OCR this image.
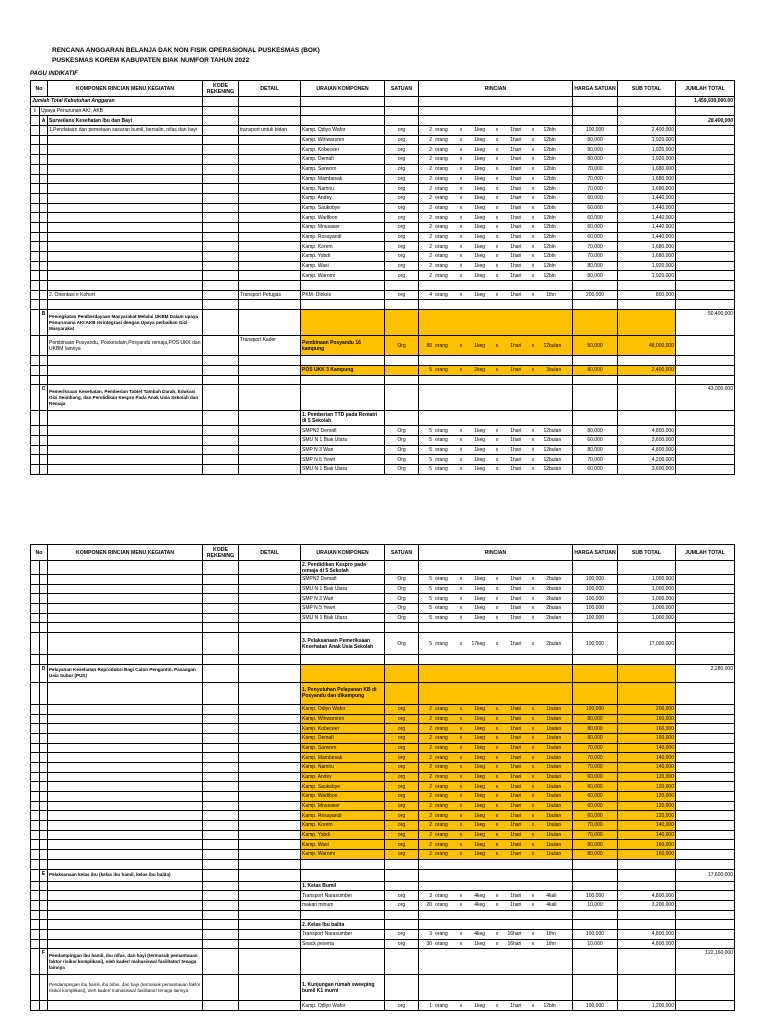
RENCANA ANGGARAN BELANJA DAK NON FISIK OPERASIONAL PUSKESMAS (BOK)
PUSKESMAS KOREM KABUPATEN BIAK NUMFOR TAHUN 2022
PAGU INDIKATIF
No		KOMPONEN RINCIAN MENU KEGIATAN	KODE REKENING	DETAIL	URAIAN KOMPONEN	SATUAN	RINCIAN	HARGA SATUAN	SUB TOTAL	JUMLAH TOTAL
Jumlah Total Kebutuhan Anggaran										1,459,930,000.00
I	Upaya Penurunan AKI, AKB									
	A	Surveilans Kesehatan Ibu dan Bayi								28,400,000
		1.Pendataan dan pemetaan sasaran bumil, bersalin, nifas dan bayi		transport untuk bidan	Kamp. Odiyo Wafor	org	2 orang x 1keg x 1hari x 12bln	100,000	2,400,000	
					Kamp. Wiriwarsren	org	2 orang x 1keg x 1hari x 12bln	80,000	1,920,000	
					Kamp. Kobeceer	org	2 orang x 1keg x 1hari x 12bln	80,000	1,920,000	
					Kamp. Demafi	org	2 orang x 1keg x 1hari x 12bln	80,000	1,920,000	
					Kamp. Sarworn	org	2 orang x 1keg x 1hari x 12bln	70,000	1,680,000	
					Kamp. Mambesak	org	2 orang x 1keg x 1hari x 12bln	70,000	1,680,000	
					Kamp. Namnu	org	2 orang x 1keg x 1hari x 12bln	70,000	1,680,000	
					Kamp. Andey	org	2 orang x 1keg x 1hari x 12bln	60,000	1,440,000	
					Kamp. Saukobye	org	2 orang x 1keg x 1hari x 12bln	60,000	1,440,000	
					Kamp. Wadibon	org	2 orang x 1keg x 1hari x 12bln	60,000	1,440,000	
					Kamp. Mnusaser	org	2 orang x 1keg x 1hari x 12bln	60,000	1,440,000	
					Kamp. Rosayandi	org	2 orang x 1keg x 1hari x 12bln	60,000	1,440,000	
					Kamp. Korem	org	2 orang x 1keg x 1hari x 12bln	70,000	1,680,000	
					Kamp. Yobdi	org	2 orang x 1keg x 1hari x 12bln	70,000	1,680,000	
					Kamp. Wasi	org	2 orang x 1keg x 1hari x 12bln	80,000	1,920,000	
					Kamp. Waromi	org	2 orang x 1keg x 1hari x 12bln	80,000	1,920,000	

		2. Orientasi e Kohort		Transport Petugas	PKM- Dinkes	org	4 orang x 1keg x 1hari x 1thn	200,000	800,000	

	B	Peningkatan Pemberdayaan Masyarakat Melalui UKBM Dalam upaya Penurunana AKI AKB terintegrasi dengan Upaya perbaikan Gizi Masyarakat								50,400,000
		Pembinaan Posyandu, Poskesdam,Posyandu remaja,POS UKK dan UKBM lainnya		Transport Kader	Pembinaan Posyandu 16 kampung	Org	80 orang x 1keg x 1hari x 12bulan	50,000	48,000,000	

					POS UKK 3 Kampung		5 orang x 2keg x 1hari x 3bulan	80,000	2,400,000	

	C	Pemeriksaan Kesehatan, Pemberian Tablet Tambah Darah, Edukasi Gizi Seimbang, dan Pendidikan Kespro Pada Anak Usia Sekolah dan Remaja								43,000,000
					1. Pemberian TTD pada Rematri di 5 Sekolah					
					SMPN2 Demafi	Org	5 orang x 1keg x 1hari x 12bulan	80,000	4,800,000	
					SMU N 1 Biak Utara	Org	5 orang x 1keg x 1hari x 12bulan	60,000	3,600,000	
					SMP N 3 Wari	Org	5 orang x 1keg x 1hari x 12bulan	80,000	4,800,000	
					SMP N 5 Yewri	Org	5 orang x 1keg x 1hari x 12bulan	70,000	4,200,000	
					SMU N 1 Biak Utara	Org	5 orang x 1keg x 1hari x 12bulan	60,000	3,600,000	
No		KOMPONEN RINCIAN MENU KEGIATAN	KODE REKENING	DETAIL	URAIAN KOMPONEN	SATUAN	RINCIAN	HARGA SATUAN	SUB TOTAL	JUMLAH TOTAL
					2. Pendidikan Kespro pada remaja di 5 Sekolah					
					SMPN2 Demafi	Org	5 orang x 1keg x 1hari x 2bulan	100,000	1,000,000	
					SMU N 1 Biak Utara	Org	5 orang x 1keg x 1hari x 2bulan	100,000	1,000,000	
					SMP N 3 Wari	Org	5 orang x 1keg x 1hari x 2bulan	100,000	1,000,000	
					SMP N 5 Yewri	Org	5 orang x 1keg x 1hari x 2bulan	100,000	1,000,000	
					SMU N 1 Biak Utara	Org	5 orang x 1keg x 1hari x 2bulan	100,000	1,000,000	

					3. Pelaksanaan Pemeriksaan Kesehatan Anak Usia Sekolah	Org	5 orang x 17keg x 1hari x 2bulan	100,000	17,000,000	

	D	Pelayanan Kesehatan Reproduksi Bagi Calon Pengantin, Pasangan Usia Subur (PUS)								2,280,000
					1. Penyuluhan Pelayanan KB di Posyandu dan dikampung					
					Kamp. Odiyo Wafor	org	2 orang x 1keg x 1hari x 1bulan	100,000	200,000	
					Kamp. Wiriwarsren	org	2 orang x 1keg x 1hari x 1bulan	80,000	160,000	
					Kamp. Kobeceer	org	2 orang x 1keg x 1hari x 1bulan	80,000	160,000	
					Kamp. Demafi	org	2 orang x 1keg x 1hari x 1bulan	80,000	160,000	
					Kamp. Sarworn	org	2 orang x 1keg x 1hari x 1bulan	70,000	140,000	
					Kamp. Mambesak	org	2 orang x 1keg x 1hari x 1bulan	70,000	140,000	
					Kamp. Namnu	org	2 orang x 1keg x 1hari x 1bulan	70,000	140,000	
					Kamp. Andey	org	2 orang x 1keg x 1hari x 1bulan	60,000	120,000	
					Kamp. Saukobye	org	2 orang x 1keg x 1hari x 1bulan	60,000	120,000	
					Kamp. Wadibon	org	2 orang x 1keg x 1hari x 1bulan	60,000	120,000	
					Kamp. Mnusaser	org	2 orang x 1keg x 1hari x 1bulan	60,000	120,000	
					Kamp. Rosayandi	org	2 orang x 1keg x 1hari x 1bulan	60,000	120,000	
					Kamp. Korem	org	2 orang x 1keg x 1hari x 1bulan	70,000	140,000	
					Kamp. Yobdi	org	2 orang x 1keg x 1hari x 1bulan	70,000	140,000	
					Kamp. Wasi	org	2 orang x 1keg x 1hari x 1bulan	80,000	160,000	
					Kamp. Waromi	org	2 orang x 1keg x 1hari x 1bulan	80,000	160,000	

	E	Pelaksanaan kelas ibu (kelas ibu hamil, kelas ibu balita)								17,600,000
					1. Kelas Bumil					
					Transport Narasumber	org	3 orang x 4keg x 1hari x 4kali	100,000	4,800,000	
					makan minum	org	20 orang x 4keg x 1hari x 4kali	10,000	3,200,000	

					2. Kelas Ibu balita					
					Transport Narasumber	org	3 orang x 4keg x 16hari x 1thn	100,000	4,800,000	
					Snack peserta	org	30 orang x 1keg x 16hari x 1thn	10,000	4,800,000	
	F	Pendampingan ibu hamil, ibu nifas, dan bayi (termasuk pemantauan faktor risiko/ komplikasi), oleh kader/ mahasiswa/ fasilitator/ tenaga lainnya								122,160,000
		Pendampingan ibu hamil, ibu nifas, dan bayi (termasuk pemantauan faktor risiko/ komplikasi), oleh kader/ mahasiswa/ fasilitator/ tenaga lainnya			1. Kunjungan rumah sweeping bumil K1 murni					
					Kamp. Odiyo Wafor	org	1 orang x 1keg x 1hari x 12bln	100,000	1,200,000	
